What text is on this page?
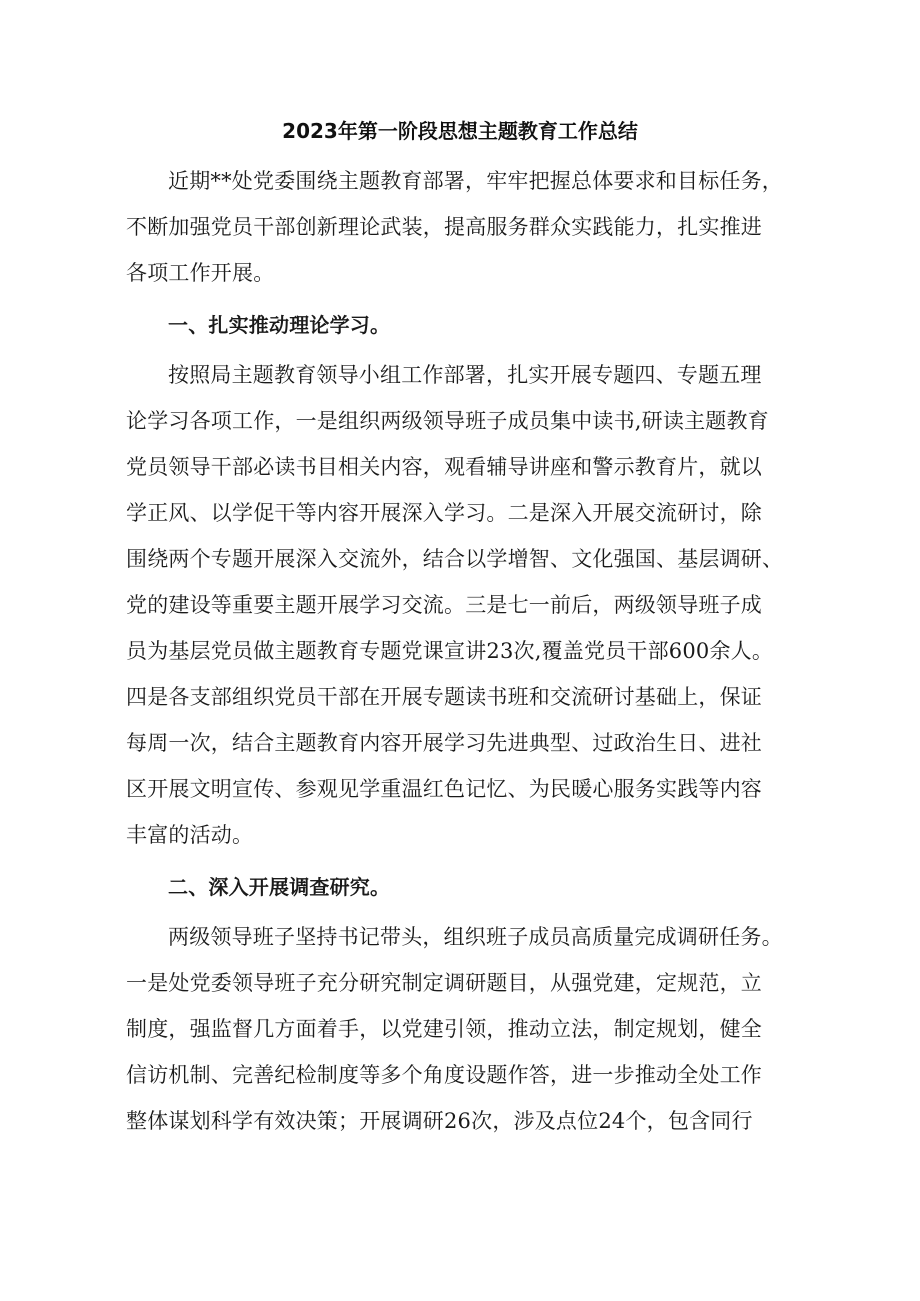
2023年第一阶段思想主题教育工作总结
近期**处党委围绕主题教育部署，牢牢把握总体要求和目标任务，
不断加强党员干部创新理论武装，提高服务群众实践能力，扎实推进
各项工作开展。
一、扎实推动理论学习。
按照局主题教育领导小组工作部署，扎实开展专题四、专题五理
论学习各项工作，一是组织两级领导班子成员集中读书,研读主题教育
党员领导干部必读书目相关内容，观看辅导讲座和警示教育片，就以
学正风、以学促干等内容开展深入学习。二是深入开展交流研讨，除
围绕两个专题开展深入交流外，结合以学增智、文化强国、基层调研、
党的建设等重要主题开展学习交流。三是七一前后，两级领导班子成
员为基层党员做主题教育专题党课宣讲23次,覆盖党员干部600余人。
四是各支部组织党员干部在开展专题读书班和交流研讨基础上，保证
每周一次，结合主题教育内容开展学习先进典型、过政治生日、进社
区开展文明宣传、参观见学重温红色记忆、为民暖心服务实践等内容
丰富的活动。
二、深入开展调查研究。
两级领导班子坚持书记带头，组织班子成员高质量完成调研任务。
一是处党委领导班子充分研究制定调研题目，从强党建，定规范，立
制度，强监督几方面着手，以党建引领，推动立法，制定规划，健全
信访机制、完善纪检制度等多个角度设题作答，进一步推动全处工作
整体谋划科学有效决策；开展调研26次，涉及点位24个，包含同行
